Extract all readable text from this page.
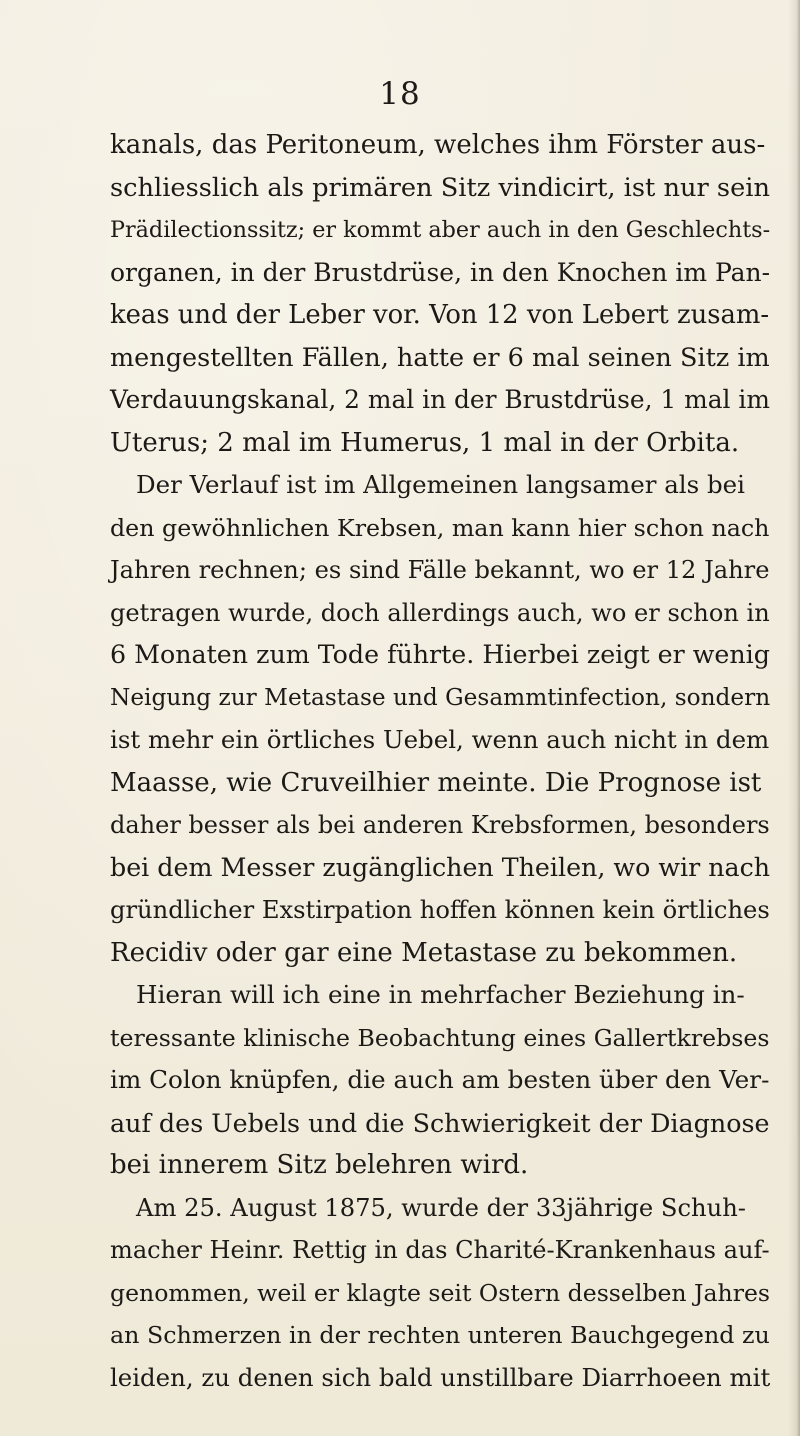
18
kanals, das Peritoneum, welches ihm Förster aus-
schliesslich als primären Sitz vindicirt, ist nur sein
Prädilectionssitz; er kommt aber auch in den Geschlechts-
organen, in der Brustdrüse, in den Knochen im Pan-
keas und der Leber vor. Von 12 von Lebert zusam-
mengestellten Fällen, hatte er 6 mal seinen Sitz im
Verdauungskanal, 2 mal in der Brustdrüse, 1 mal im
Uterus; 2 mal im Humerus, 1 mal in der Orbita.
Der Verlauf ist im Allgemeinen langsamer als bei
den gewöhnlichen Krebsen, man kann hier schon nach
Jahren rechnen; es sind Fälle bekannt, wo er 12 Jahre
getragen wurde, doch allerdings auch, wo er schon in
6 Monaten zum Tode führte. Hierbei zeigt er wenig
Neigung zur Metastase und Gesammtinfection, sondern
ist mehr ein örtliches Uebel, wenn auch nicht in dem
Maasse, wie Cruveilhier meinte. Die Prognose ist
daher besser als bei anderen Krebsformen, besonders
bei dem Messer zugänglichen Theilen, wo wir nach
gründlicher Exstirpation hoffen können kein örtliches
Recidiv oder gar eine Metastase zu bekommen.
Hieran will ich eine in mehrfacher Beziehung in-
teressante klinische Beobachtung eines Gallertkrebses
im Colon knüpfen, die auch am besten über den Ver-
auf des Uebels und die Schwierigkeit der Diagnose
bei innerem Sitz belehren wird.
Am 25. August 1875, wurde der 33jährige Schuh-
macher Heinr. Rettig in das Charité-Krankenhaus auf-
genommen, weil er klagte seit Ostern desselben Jahres
an Schmerzen in der rechten unteren Bauchgegend zu
leiden, zu denen sich bald unstillbare Diarrhoeen mit
